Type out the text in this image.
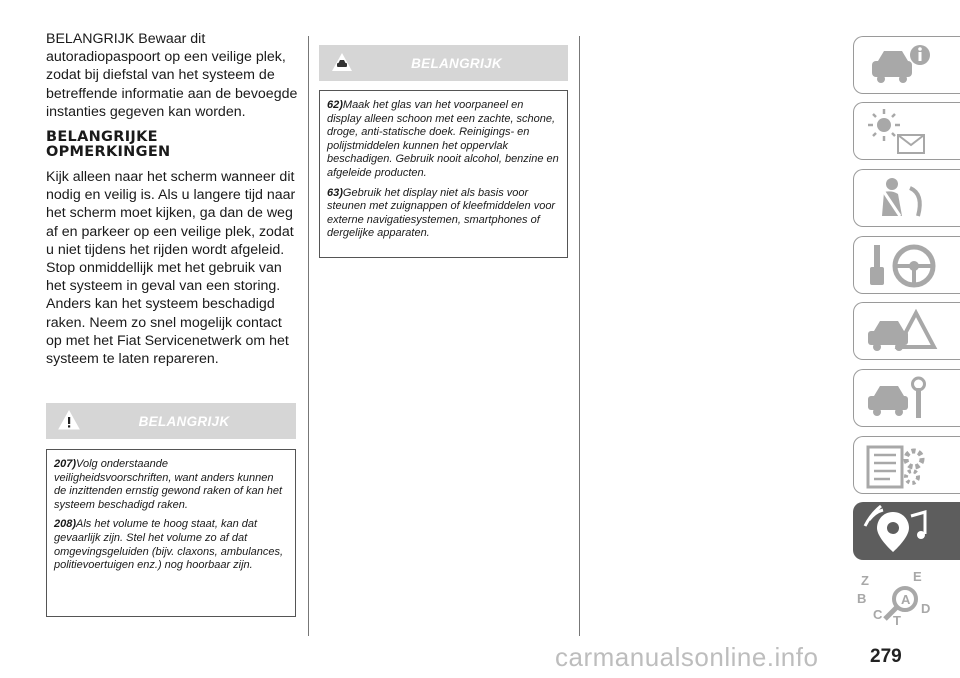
BELANGRIJK Bewaar dit autoradiopaspoort op een veilige plek, zodat bij diefstal van het systeem de betreffende informatie aan de bevoegde instanties gegeven kan worden.

BELANGRIJKE
OPMERKINGEN

Kijk alleen naar het scherm wanneer dit nodig en veilig is. Als u langere tijd naar het scherm moet kijken, ga dan de weg af en parkeer op een veilige plek, zodat u niet tijdens het rijden wordt afgeleid.

Stop onmiddellijk met het gebruik van het systeem in geval van een storing. Anders kan het systeem beschadigd raken. Neem zo snel mogelijk contact op met het Fiat Servicenetwerk om het systeem te laten repareren.

BELANGRIJK

207)Volg onderstaande veiligheidsvoorschriften, want anders kunnen de inzittenden ernstig gewond raken of kan het systeem beschadigd raken.

208)Als het volume te hoog staat, kan dat gevaarlijk zijn. Stel het volume zo af dat omgevingsgeluiden (bijv. claxons, ambulances, politievoertuigen enz.) nog hoorbaar zijn.

BELANGRIJK

62)Maak het glas van het voorpaneel en display alleen schoon met een zachte, schone, droge, anti-statische doek. Reinigings- en polijstmiddelen kunnen het oppervlak beschadigen. Gebruik nooit alcohol, benzine en afgeleide producten.

63)Gebruik het display niet als basis voor steunen met zuignappen of kleefmiddelen voor externe navigatiesystemen, smartphones of dergelijke apparaten.

Z	E
A
B
C	D
T
279
carmanualsonline.info
